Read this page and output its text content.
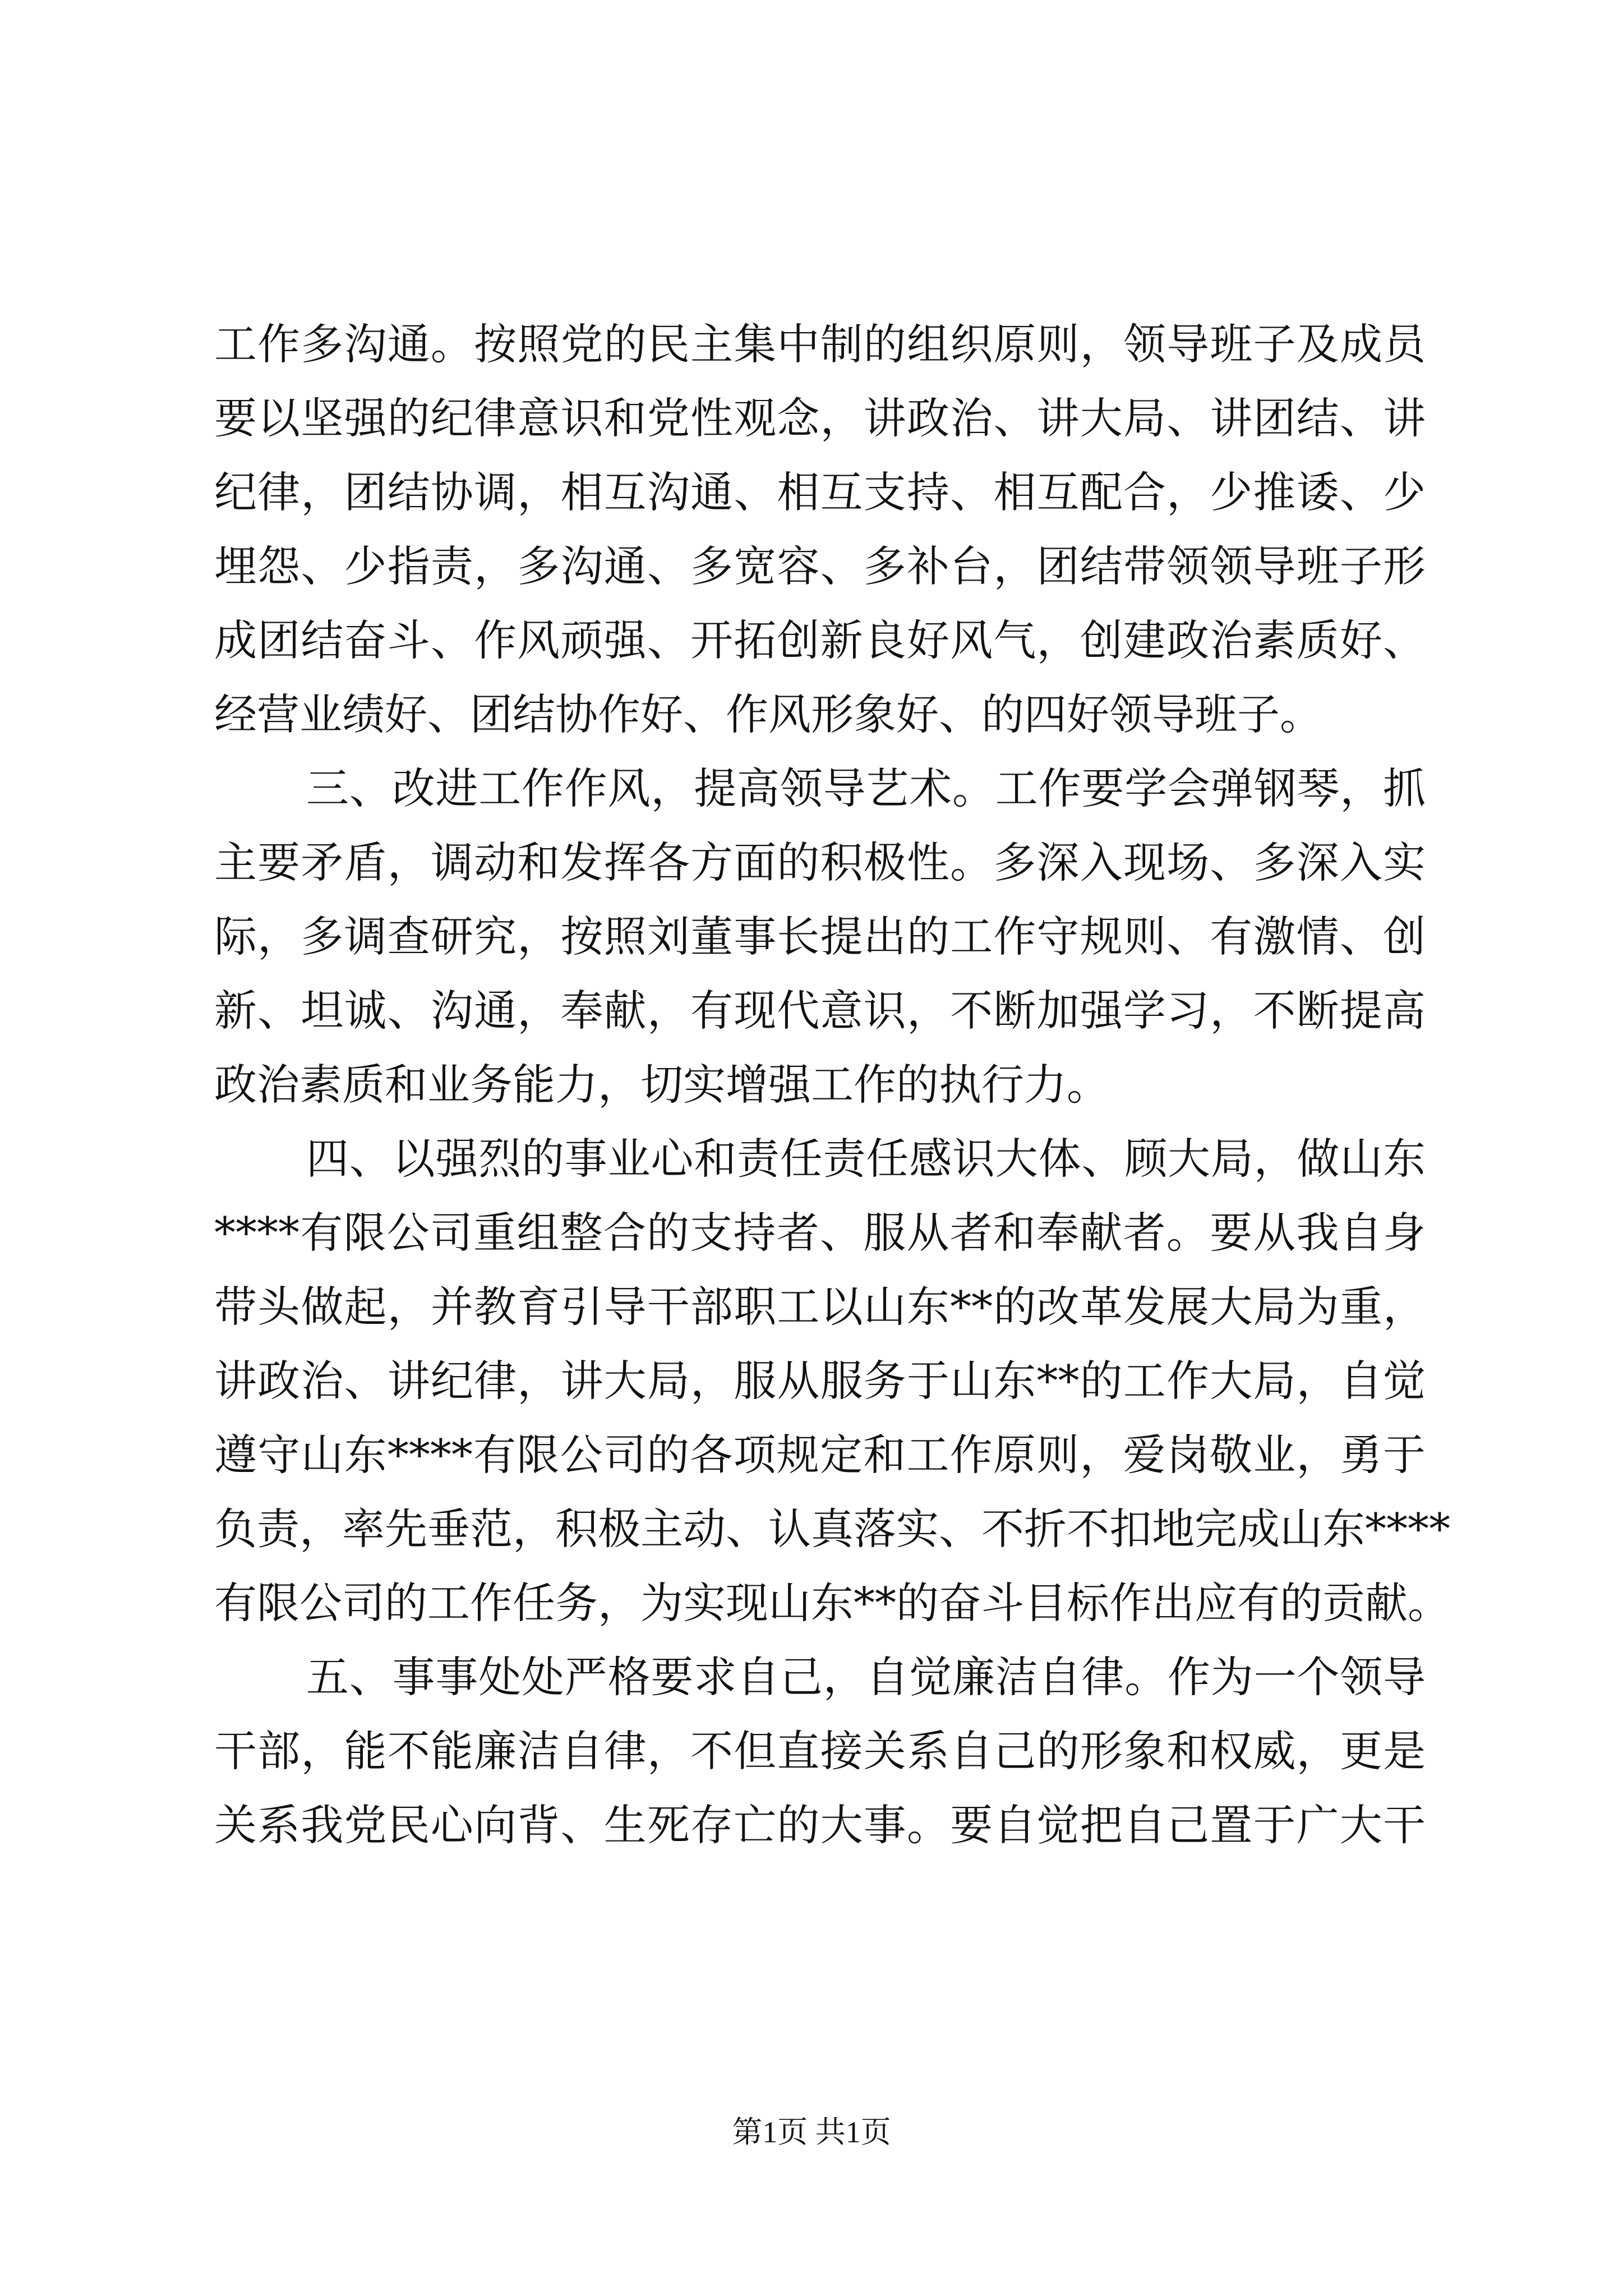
工作多沟通。按照党的民主集中制的组织原则，领导班子及成员
要以坚强的纪律意识和党性观念，讲政治、讲大局、讲团结、讲
纪律，团结协调，相互沟通、相互支持、相互配合，少推诿、少
埋怨、少指责，多沟通、多宽容、多补台，团结带领领导班子形
成团结奋斗、作风顽强、开拓创新良好风气，创建政治素质好、
经营业绩好、团结协作好、作风形象好、的四好领导班子。
三、改进工作作风，提高领导艺术。工作要学会弹钢琴，抓
主要矛盾，调动和发挥各方面的积极性。多深入现场、多深入实
际，多调查研究，按照刘董事长提出的工作守规则、有激情、创
新、坦诚、沟通，奉献，有现代意识，不断加强学习，不断提高
政治素质和业务能力，切实增强工作的执行力。
四、以强烈的事业心和责任责任感识大体、顾大局，做山东
****有限公司重组整合的支持者、服从者和奉献者。要从我自身
带头做起，并教育引导干部职工以山东**的改革发展大局为重，
讲政治、讲纪律，讲大局，服从服务于山东**的工作大局，自觉
遵守山东****有限公司的各项规定和工作原则，爱岗敬业，勇于
负责，率先垂范，积极主动、认真落实、不折不扣地完成山东****
有限公司的工作任务，为实现山东**的奋斗目标作出应有的贡献。
五、事事处处严格要求自己，自觉廉洁自律。作为一个领导
干部，能不能廉洁自律，不但直接关系自己的形象和权威，更是
关系我党民心向背、生死存亡的大事。要自觉把自己置于广大干
第1页 共1页
